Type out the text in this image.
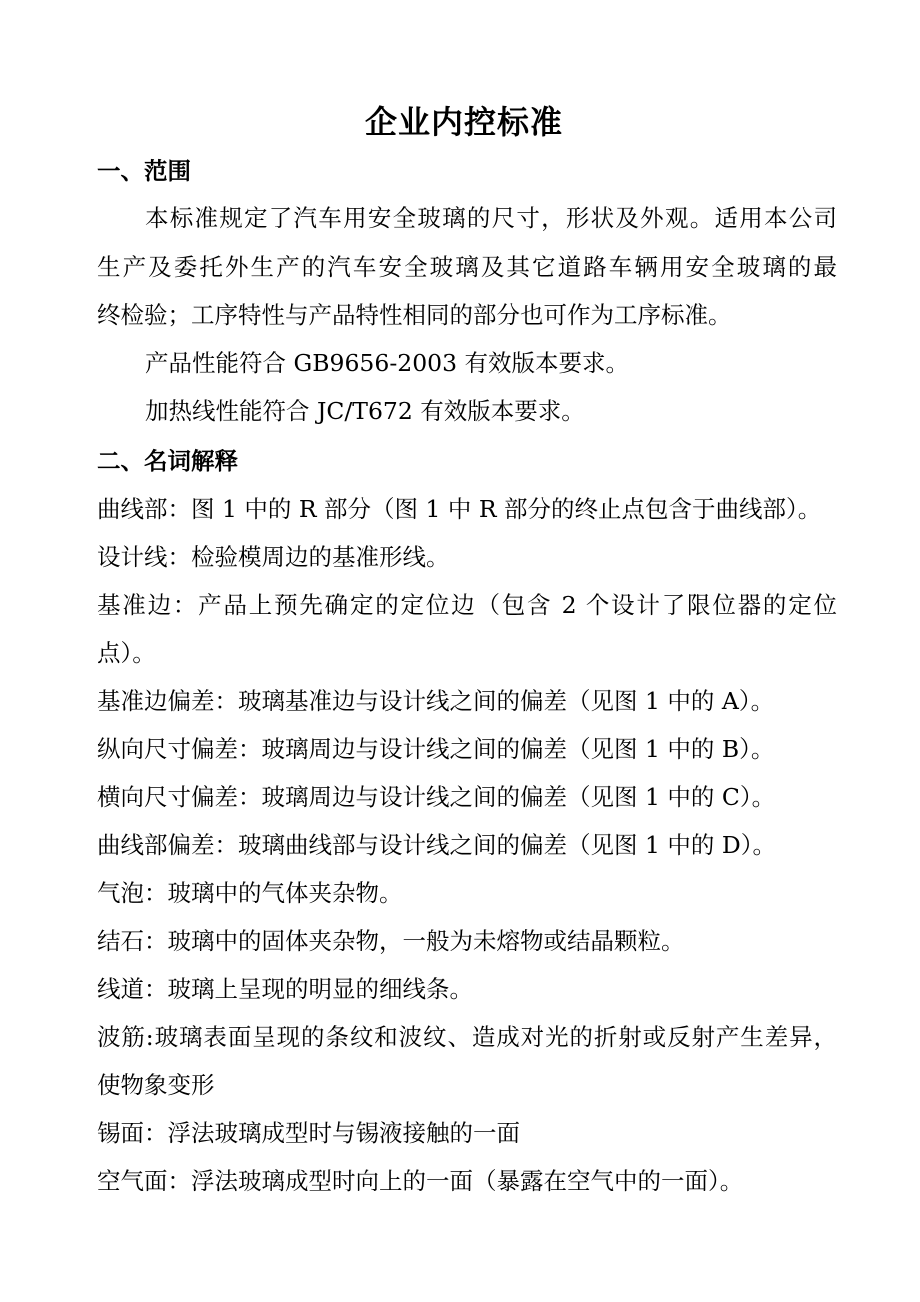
企业内控标准
一、范围
本标准规定了汽车用安全玻璃的尺寸，形状及外观。适用本公司
生产及委托外生产的汽车安全玻璃及其它道路车辆用安全玻璃的最
终检验；工序特性与产品特性相同的部分也可作为工序标准。
产品性能符合 GB9656-2003 有效版本要求。
加热线性能符合 JC/T672 有效版本要求。
二、名词解释
曲线部：图 1 中的 R 部分（图 1 中 R 部分的终止点包含于曲线部）。
设计线：检验模周边的基准形线。
基准边：产品上预先确定的定位边（包含 2 个设计了限位器的定位
点）。
基准边偏差：玻璃基准边与设计线之间的偏差（见图 1 中的 A）。
纵向尺寸偏差：玻璃周边与设计线之间的偏差（见图 1 中的 B）。
横向尺寸偏差：玻璃周边与设计线之间的偏差（见图 1 中的 C）。
曲线部偏差：玻璃曲线部与设计线之间的偏差（见图 1 中的 D）。
气泡：玻璃中的气体夹杂物。
结石：玻璃中的固体夹杂物，一般为未熔物或结晶颗粒。
线道：玻璃上呈现的明显的细线条。
波筋:玻璃表面呈现的条纹和波纹、造成对光的折射或反射产生差异，
使物象变形
锡面：浮法玻璃成型时与锡液接触的一面
空气面：浮法玻璃成型时向上的一面（暴露在空气中的一面）。
